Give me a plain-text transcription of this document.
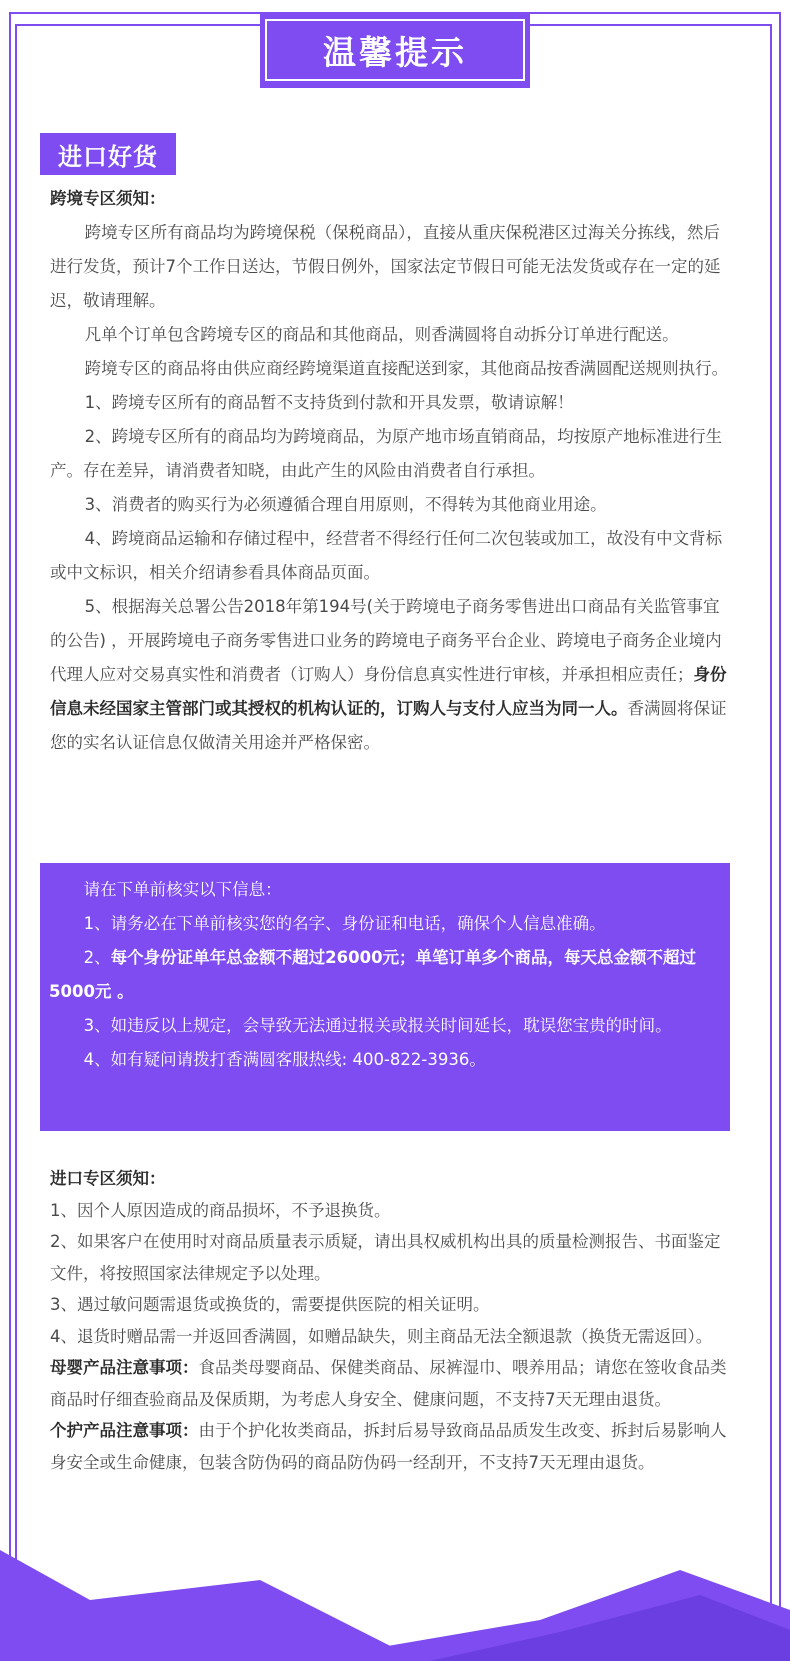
温馨提示
进口好货

跨境专区须知：

跨境专区所有商品均为跨境保税（保税商品），直接从重庆保税港区过海关分拣线，然后进行发货，预计7个工作日送达，节假日例外，国家法定节假日可能无法发货或存在一定的延迟，敬请理解。

凡单个订单包含跨境专区的商品和其他商品，则香满圆将自动拆分订单进行配送。

跨境专区的商品将由供应商经跨境渠道直接配送到家，其他商品按香满圆配送规则执行。

1、跨境专区所有的商品暂不支持货到付款和开具发票，敬请谅解！

2、跨境专区所有的商品均为跨境商品，为原产地市场直销商品，均按原产地标准进行生产。存在差异，请消费者知晓，由此产生的风险由消费者自行承担。

3、消费者的购买行为必须遵循合理自用原则，不得转为其他商业用途。

4、跨境商品运输和存储过程中，经营者不得经行任何二次包装或加工，故没有中文背标或中文标识，相关介绍请参看具体商品页面。

5、根据海关总署公告2018年第194号(关于跨境电子商务零售进出口商品有关监管事宜的公告) ，开展跨境电子商务零售进口业务的跨境电子商务平台企业、跨境电子商务企业境内代理人应对交易真实性和消费者（订购人）身份信息真实性进行审核，并承担相应责任；身份信息未经国家主管部门或其授权的机构认证的，订购人与支付人应当为同一人。香满圆将保证您的实名认证信息仅做清关用途并严格保密。

请在下单前核实以下信息：

1、请务必在下单前核实您的名字、身份证和电话，确保个人信息准确。

2、每个身份证单年总金额不超过26000元；单笔订单多个商品，每天总金额不超过5000元 。

3、如违反以上规定，会导致无法通过报关或报关时间延长，耽误您宝贵的时间。

4、如有疑问请拨打香满圆客服热线: 400-822-3936。

进口专区须知：

1、因个人原因造成的商品损坏，不予退换货。

2、如果客户在使用时对商品质量表示质疑，请出具权威机构出具的质量检测报告、书面鉴定文件，将按照国家法律规定予以处理。

3、遇过敏问题需退货或换货的，需要提供医院的相关证明。

4、退货时赠品需一并返回香满圆，如赠品缺失，则主商品无法全额退款（换货无需返回）。

母婴产品注意事项：食品类母婴商品、保健类商品、尿裤湿巾、喂养用品；请您在签收食品类商品时仔细查验商品及保质期，为考虑人身安全、健康问题，不支持7天无理由退货。

个护产品注意事项：由于个护化妆类商品，拆封后易导致商品品质发生改变、拆封后易影响人身安全或生命健康，包装含防伪码的商品防伪码一经刮开，不支持7天无理由退货。
